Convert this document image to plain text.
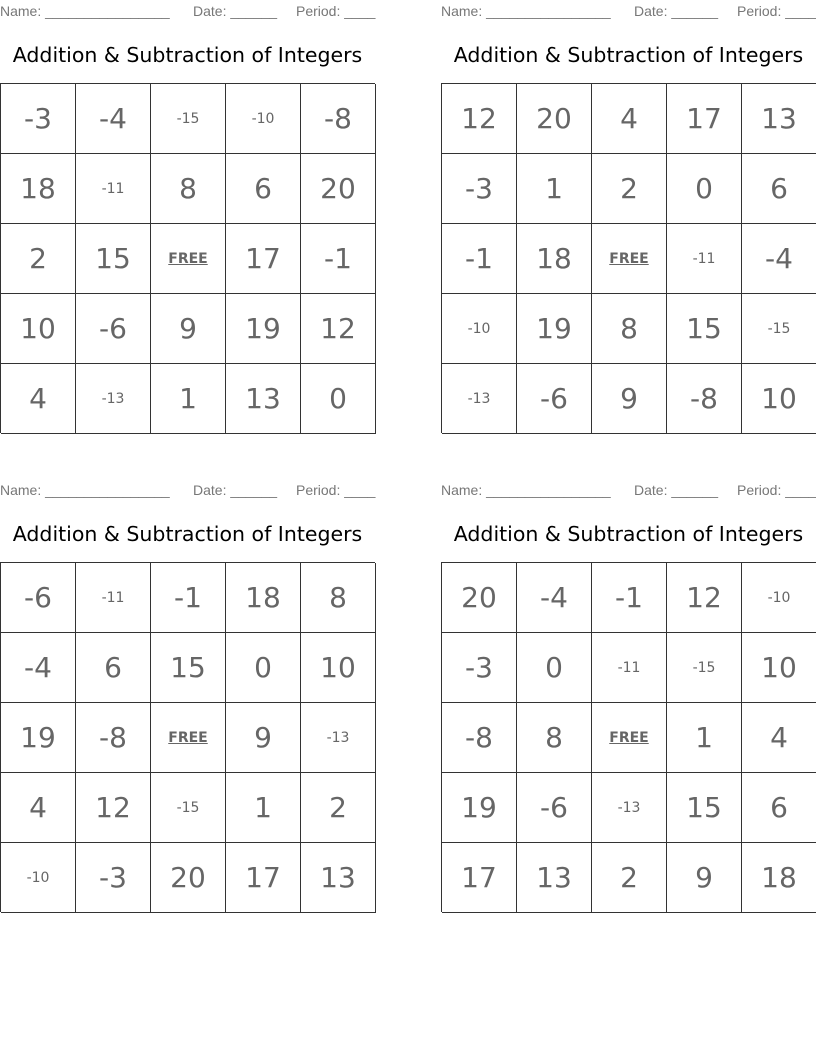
Name: ________________ Date: ______ Period: ____
Addition & Subtraction of Integers
-3	-4	-15	-10	-8
18	-11	8	6	20
2	15	FREE	17	-1
10	-6	9	19	12
4	-13	1	13	0
Name: ________________ Date: ______ Period: ____
Addition & Subtraction of Integers
12	20	4	17	13
-3	1	2	0	6
-1	18	FREE	-11	-4
-10	19	8	15	-15
-13	-6	9	-8	10
Name: ________________ Date: ______ Period: ____
Addition & Subtraction of Integers
-6	-11	-1	18	8
-4	6	15	0	10
19	-8	FREE	9	-13
4	12	-15	1	2
-10	-3	20	17	13
Name: ________________ Date: ______ Period: ____
Addition & Subtraction of Integers
20	-4	-1	12	-10
-3	0	-11	-15	10
-8	8	FREE	1	4
19	-6	-13	15	6
17	13	2	9	18
